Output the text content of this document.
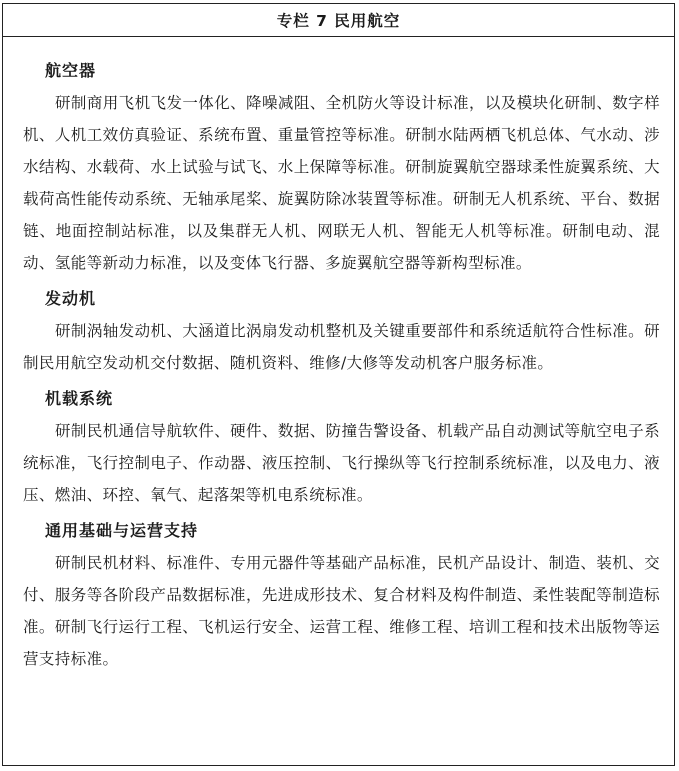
专栏 7 民用航空
航空器

研制商用飞机飞发一体化、降噪减阻、全机防火等设计标准，以及模块化研制、数字样机、人机工效仿真验证、系统布置、重量管控等标准。研制水陆两栖飞机总体、气水动、涉水结构、水载荷、水上试验与试飞、水上保障等标准。研制旋翼航空器球柔性旋翼系统、大载荷高性能传动系统、无轴承尾桨、旋翼防除冰装置等标准。研制无人机系统、平台、数据链、地面控制站标准，以及集群无人机、网联无人机、智能无人机等标准。研制电动、混动、氢能等新动力标准，以及变体飞行器、多旋翼航空器等新构型标准。

发动机

研制涡轴发动机、大涵道比涡扇发动机整机及关键重要部件和系统适航符合性标准。研制民用航空发动机交付数据、随机资料、维修/大修等发动机客户服务标准。

机载系统

研制民机通信导航软件、硬件、数据、防撞告警设备、机载产品自动测试等航空电子系统标准，飞行控制电子、作动器、液压控制、飞行操纵等飞行控制系统标准，以及电力、液压、燃油、环控、氧气、起落架等机电系统标准。

通用基础与运营支持

研制民机材料、标准件、专用元器件等基础产品标准，民机产品设计、制造、装机、交付、服务等各阶段产品数据标准，先进成形技术、复合材料及构件制造、柔性装配等制造标准。研制飞行运行工程、飞机运行安全、运营工程、维修工程、培训工程和技术出版物等运营支持标准。
